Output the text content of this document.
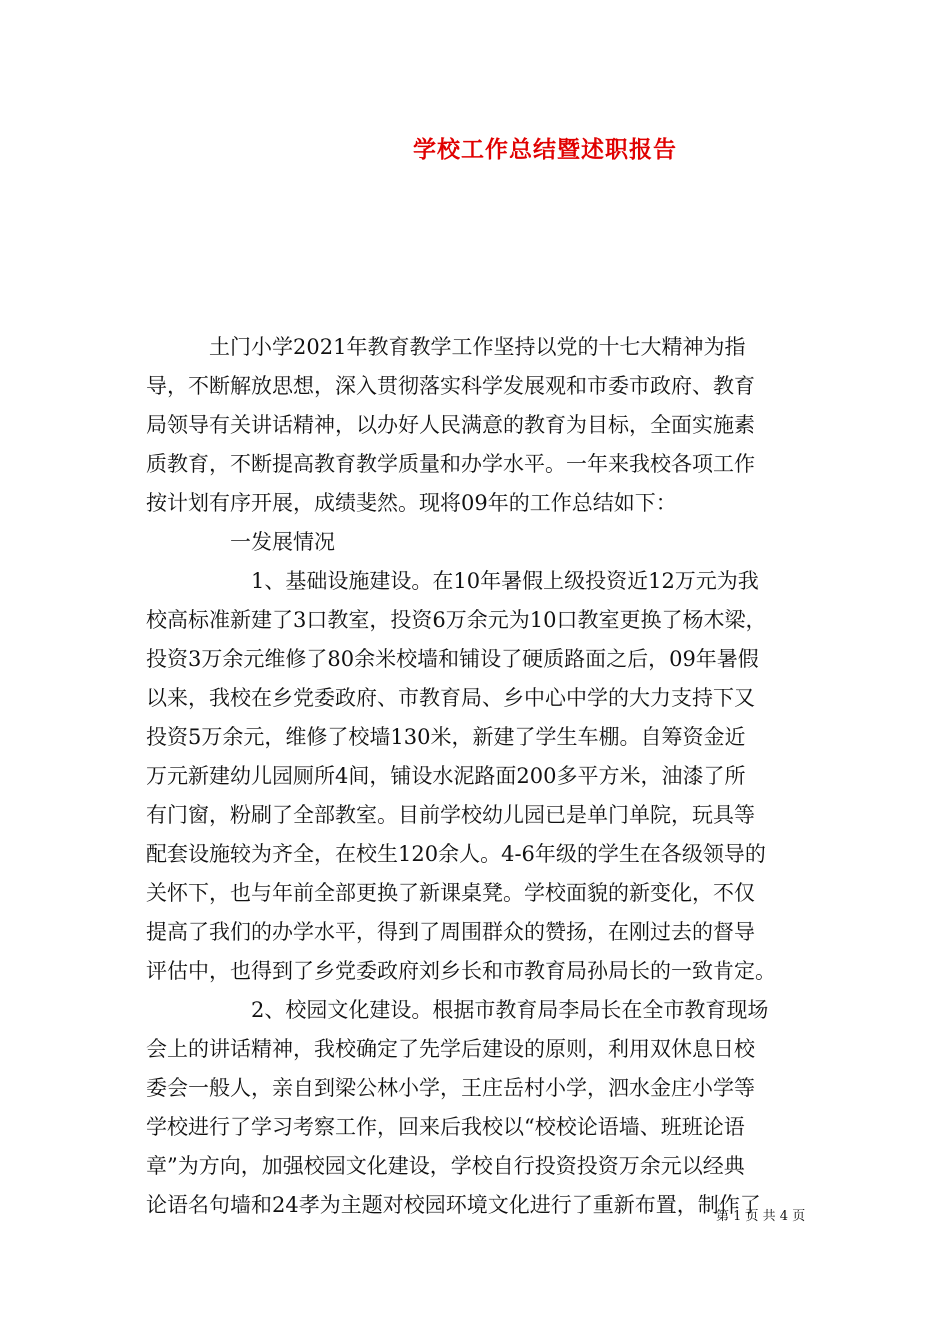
学校工作总结暨述职报告
　　　土门小学2021年教育教学工作坚持以党的十七大精神为指
导，不断解放思想，深入贯彻落实科学发展观和市委市政府、教育
局领导有关讲话精神，以办好人民满意的教育为目标，全面实施素
质教育，不断提高教育教学质量和办学水平。一年来我校各项工作
按计划有序开展，成绩斐然。现将09年的工作总结如下：
　　　　一发展情况
　　　　　1、基础设施建设。在10年暑假上级投资近12万元为我
校高标准新建了3口教室，投资6万余元为10口教室更换了杨木梁，
投资3万余元维修了80余米校墙和铺设了硬质路面之后，09年暑假
以来，我校在乡党委政府、市教育局、乡中心中学的大力支持下又
投资5万余元，维修了校墙130米，新建了学生车棚。自筹资金近
万元新建幼儿园厕所4间，铺设水泥路面200多平方米，油漆了所
有门窗，粉刷了全部教室。目前学校幼儿园已是单门单院，玩具等
配套设施较为齐全，在校生120余人。4-6年级的学生在各级领导的
关怀下，也与年前全部更换了新课桌凳。学校面貌的新变化，不仅
提高了我们的办学水平，得到了周围群众的赞扬，在刚过去的督导
评估中，也得到了乡党委政府刘乡长和市教育局孙局长的一致肯定。
　　　　　2、校园文化建设。根据市教育局李局长在全市教育现场
会上的讲话精神，我校确定了先学后建设的原则，利用双休息日校
委会一般人，亲自到梁公林小学，王庄岳村小学，泗水金庄小学等
学校进行了学习考察工作，回来后我校以“校校论语墙、班班论语
章”为方向，加强校园文化建设，学校自行投资投资万余元以经典
论语名句墙和24孝为主题对校园环境文化进行了重新布置，制作了
第 1 页 共 4 页
